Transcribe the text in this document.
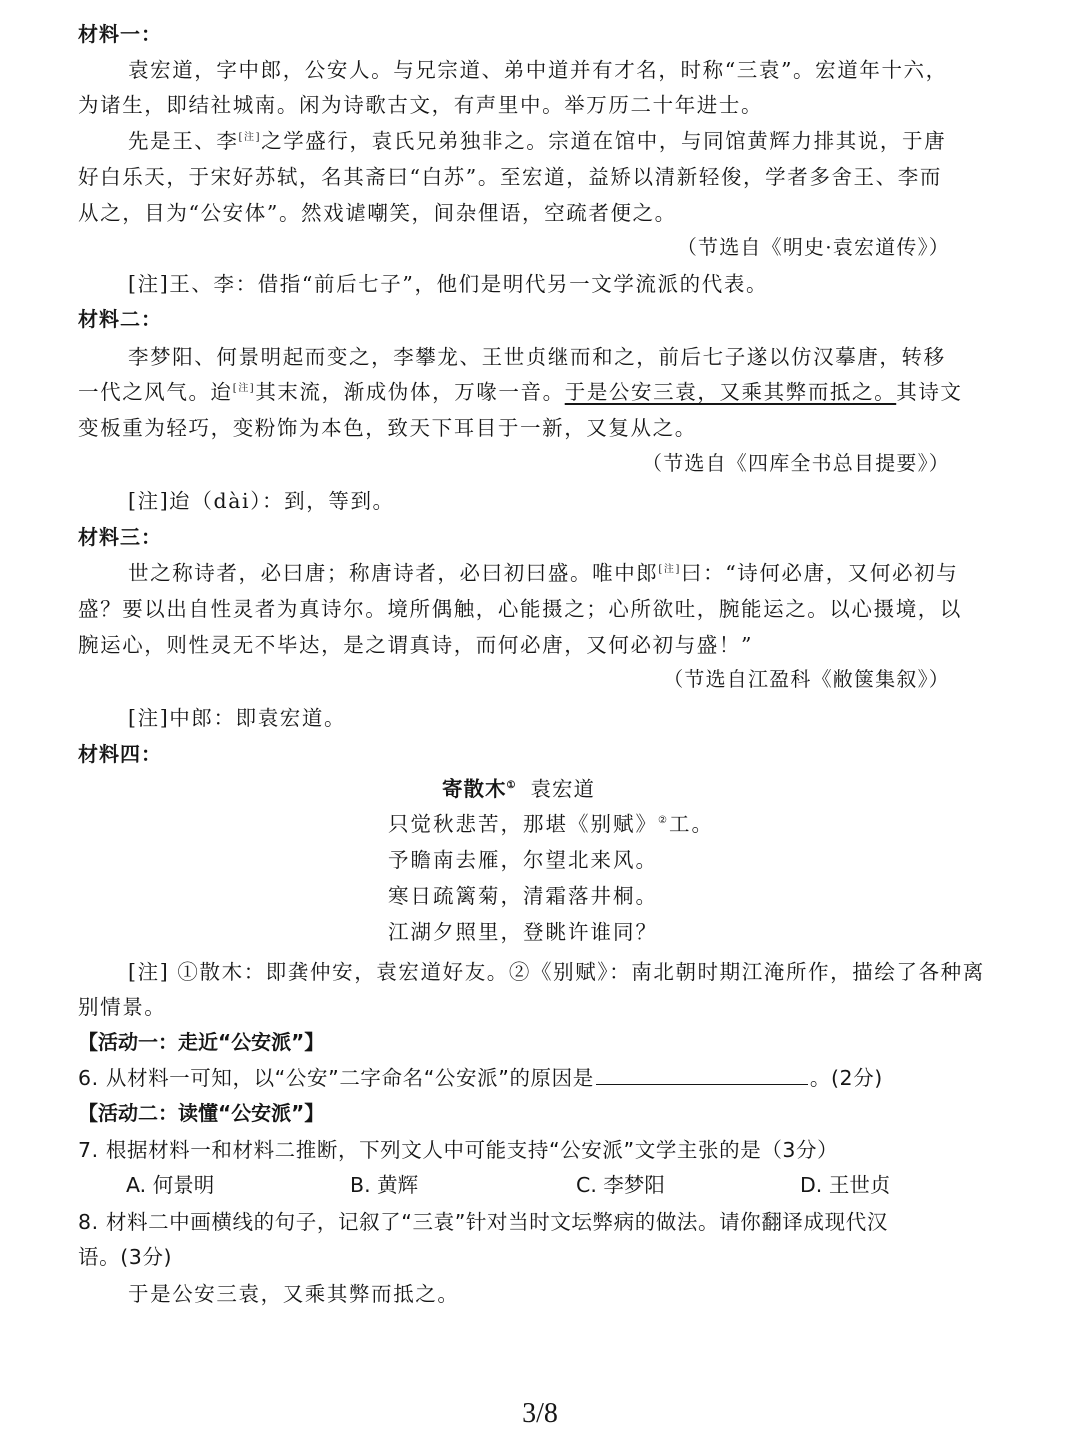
材料一：
袁宏道，字中郎，公安人。与兄宗道、弟中道并有才名，时称“三袁”。宏道年十六，
为诸生，即结社城南。闲为诗歌古文，有声里中。举万历二十年进士。
先是王、李[注]之学盛行，袁氏兄弟独非之。宗道在馆中，与同馆黄辉力排其说，于唐
好白乐天，于宋好苏轼，名其斋曰“白苏”。至宏道，益矫以清新轻俊，学者多舍王、李而
从之，目为“公安体”。然戏谑嘲笑，间杂俚语，空疏者便之。
（节选自《明史·袁宏道传》）
[注]王、李：借指“前后七子”，他们是明代另一文学流派的代表。
材料二：
李梦阳、何景明起而变之，李攀龙、王世贞继而和之，前后七子遂以仿汉摹唐，转移
一代之风气。迨[注]其末流，渐成伪体，万喙一音。于是公安三袁，又乘其弊而抵之。其诗文
变板重为轻巧，变粉饰为本色，致天下耳目于一新，又复从之。
（节选自《四库全书总目提要》）
[注]迨（dài）：到，等到。
材料三：
世之称诗者，必曰唐；称唐诗者，必曰初曰盛。唯中郎[注]曰：“诗何必唐，又何必初与
盛？要以出自性灵者为真诗尔。境所偶触，心能摄之；心所欲吐，腕能运之。以心摄境，以
腕运心，则性灵无不毕达，是之谓真诗，而何必唐，又何必初与盛！”
（节选自江盈科《敝箧集叙》）
[注]中郎：即袁宏道。
材料四：
寄散木① 袁宏道
只觉秋悲苦，那堪《别赋》②工。
予瞻南去雁，尔望北来风。
寒日疏篱菊，清霜落井桐。
江湖夕照里，登眺许谁同？
[注] ①散木：即龚仲安，袁宏道好友。②《别赋》：南北朝时期江淹所作，描绘了各种离
别情景。
【活动一：走近“公安派”】
6. 从材料一可知，以“公安”二字命名“公安派”的原因是	。(2分)
【活动二：读懂“公安派”】
7. 根据材料一和材料二推断，下列文人中可能支持“公安派”文学主张的是（3分）
A. 何景明	B. 黄辉	C. 李梦阳	D. 王世贞
8. 材料二中画横线的句子，记叙了“三袁”针对当时文坛弊病的做法。请你翻译成现代汉
语。(3分)
于是公安三袁，又乘其弊而抵之。
3/8
